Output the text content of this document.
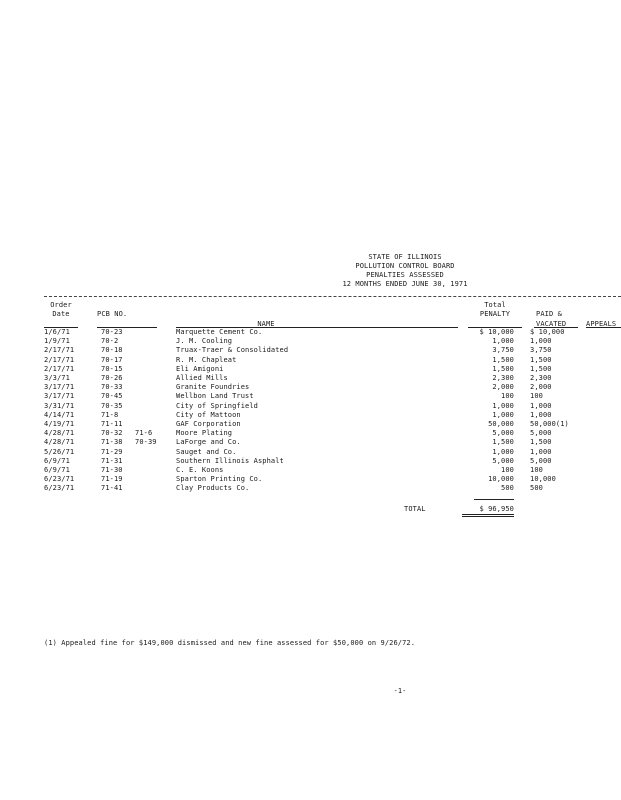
STATE OF ILLINOIS
POLLUTION CONTROL BOARD
PENALTIES ASSESSED
12 MONTHS ENDED JUNE 30, 1971
Order
Date	PCB NO.
NAME
Total
PENALTY	PAID &
VACATED	APPEALS
1/6/71	70-23	Marquette Cement Co.	$ 10,000 $ 10,000
1/9/71	70-2	J. M. Cooling	1,000 1,000
2/17/71	70-18	Truax-Traer & Consolidated	3,750 3,750
2/17/71	70-17	R. M. Chapleat	1,500 1,500
2/17/71	70-15	Eli Amigoni	1,500 1,500
3/3/71	70-26	Allied Mills	2,300 2,300
3/17/71	70-33	Granite Foundries	2,000 2,000
3/17/71	70-45	Wellbon Land Trust	100 100
3/31/71	70-35	City of Springfield	1,000 1,000
4/14/71	71-8	City of Mattoon	1,000 1,000
4/19/71	71-11	GAF Corporation	50,000 50,000(1)
4/28/71	70-32 71-6	Moore Plating	5,000 5,000
4/28/71	71-38 70-39	LaForge and Co.	1,500 1,500
5/26/71	71-29	Sauget and Co.	1,000 1,000
6/9/71	71-31	Southern Illinois Asphalt	5,000 5,000
6/9/71	71-30	C. E. Koons	100 100
6/23/71	71-19	Sparton Printing Co.	10,000 10,000
6/23/71	71-41	Clay Products Co.	500 500
TOTAL	$ 96,950
(1) Appealed fine for $149,000 dismissed and new fine assessed for $50,000 on 9/26/72.
-1-
